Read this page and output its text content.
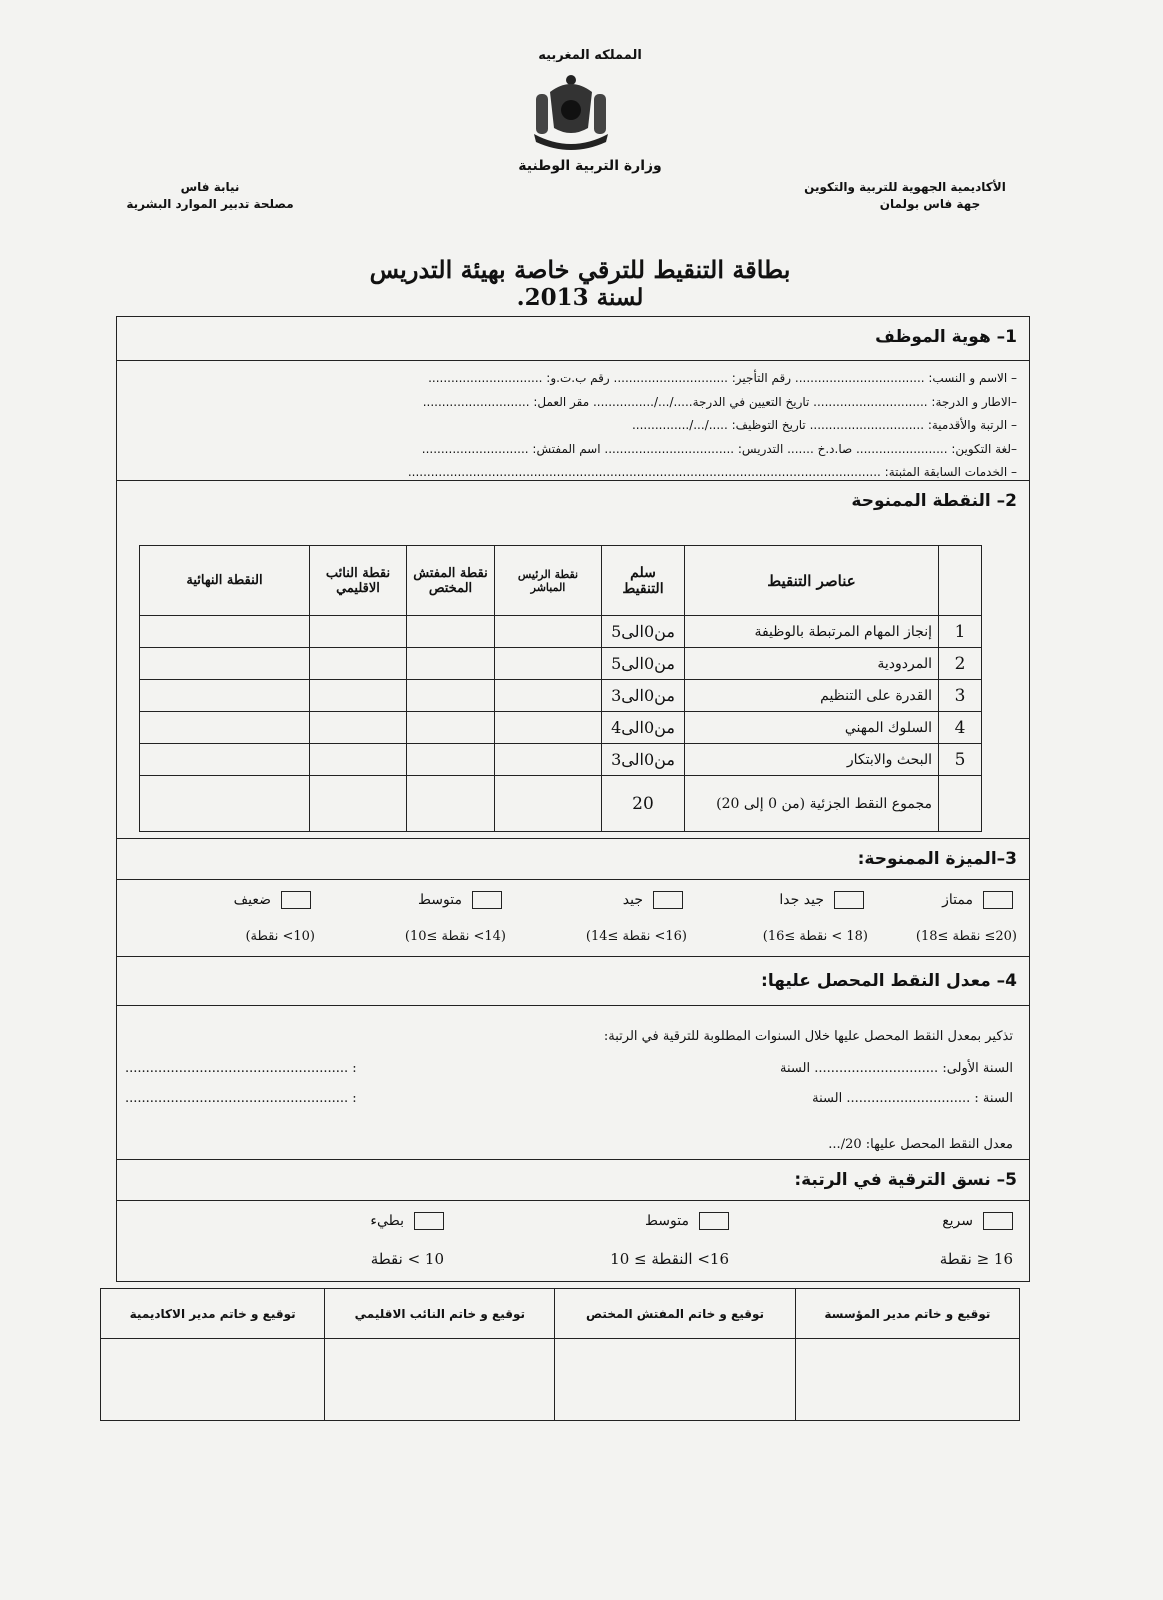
المملكه المغربيه
وزارة التربية الوطنية
الأكاديمية الجهوية للتربية والتكوين
جهة فاس بولمان
نيابة فاس
مصلحة تدبير الموارد البشرية
بطاقة التنقيط للترقي خاصة بهيئة التدريس
لسنة 2013.
1– هوية الموظف
– الاسم و النسب: .................................. رقم التأجير: .............................. رقم ب.ت.و: ..............................
–الاطار و الدرجة: .............................. تاريخ التعيين في الدرجة...../.../................ مقر العمل: ............................
– الرتبة والأقدمية: .............................. تاريخ التوظيف: ...../.../...............
–لغة التكوين: ........................ صا.د.خ ....... التدريس: .................................. اسم المفتش: ............................
– الخدمات السابقة المثبتة: ............................................................................................................................
2– النقطة الممنوحة
	عناصر التنقيط	سلم التنقيط	نقطة الرئيس المباشر	نقطة المفتش المختص	نقطة النائب الاقليمي	النقطة النهائية
1	إنجاز المهام المرتبطة بالوظيفة	من0الى5				
2	المردودية	من0الى5				
3	القدرة على التنظيم	من0الى3				
4	السلوك المهني	من0الى4				
5	البحث والابتكار	من0الى3				
	مجموع النقط الجزئية (من 0 إلى 20)	20				
3–الميزة الممنوحة:
ممتاز
(20≥ نقطة ≥18)
جيد جدا
(18 > نقطة ≥16)
جيد
(16> نقطة ≥14)
متوسط
(14> نقطة ≥10)
ضعيف
(10> نقطة)
4– معدل النقط المحصل عليها:
تذكير بمعدل النقط المحصل عليها خلال السنوات المطلوبة للترقية في الرتبة:
السنة الأولى: .............................. السنة
: ......................................................
السنة : .............................. السنة
: ......................................................
معدل النقط المحصل عليها: 20/...
5– نسق الترقية في الرتبة:
سريع
16 ≤ نقطة
متوسط
16> النقطة ≥ 10
بطيء
10 > نقطة
توقيع و خاتم مدير المؤسسة	توقيع و خاتم المفتش المختص	توقيع و خاتم النائب الاقليمي	توقيع و خاتم مدير الاكاديمية
